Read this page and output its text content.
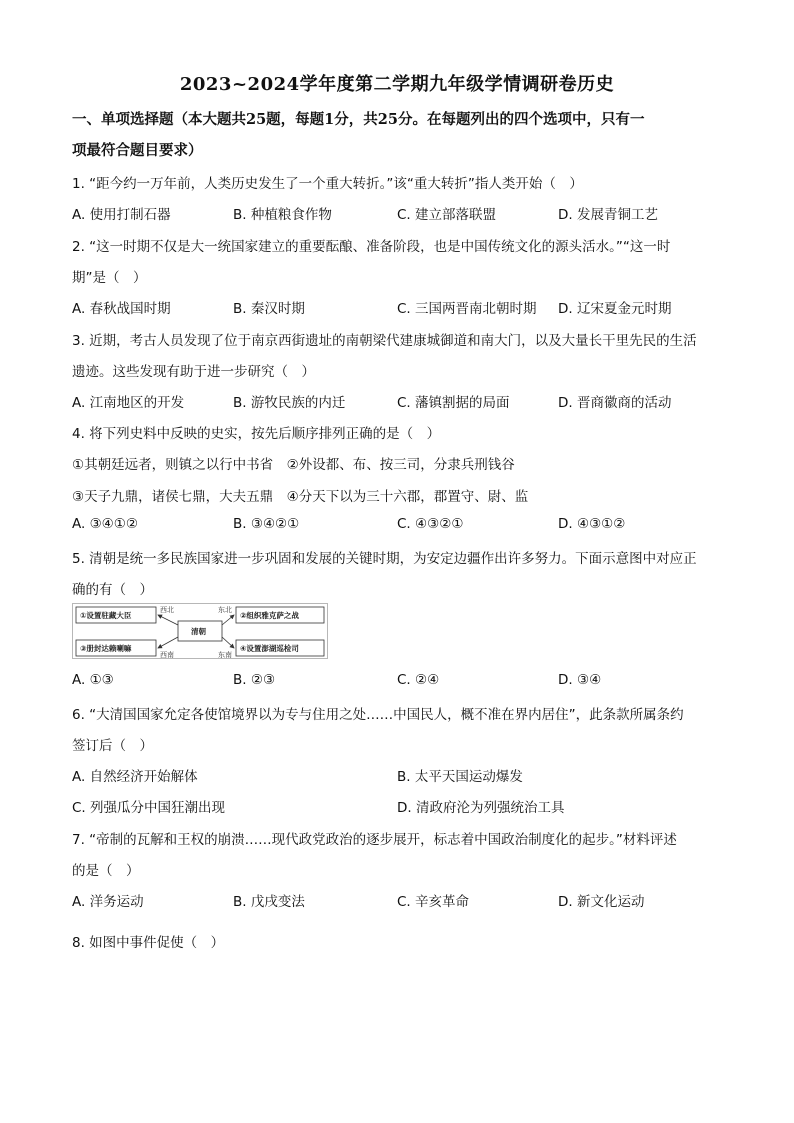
2023~2024学年度第二学期九年级学情调研卷历史
一、单项选择题（本大题共25题，每题1分，共25分。在每题列出的四个选项中，只有一
项最符合题目要求）
1. “距今约一万年前，人类历史发生了一个重大转折。”该“重大转折”指人类开始（　）
A. 使用打制石器	B. 种植粮食作物	C. 建立部落联盟	D. 发展青铜工艺
2. “这一时期不仅是大一统国家建立的重要酝酿、准备阶段，也是中国传统文化的源头活水。”“这一时
期”是（　）
A. 春秋战国时期	B. 秦汉时期	C. 三国两晋南北朝时期 D. 辽宋夏金元时期
3. 近期，考古人员发现了位于南京西街遗址的南朝梁代建康城御道和南大门，以及大量长干里先民的生活
遗迹。这些发现有助于进一步研究（　）
A. 江南地区的开发	B. 游牧民族的内迁	C. 藩镇割据的局面	D. 晋商徽商的活动
4. 将下列史料中反映的史实，按先后顺序排列正确的是（　）
①其朝廷远者，则镇之以行中书省　②外设都、布、按三司，分隶兵刑钱谷
③天子九鼎，诸侯七鼎，大夫五鼎　④分天下以为三十六郡，郡置守、尉、监
A. ③④①②	B. ③④②①	C. ④③②①	D. ④③①②
5. 清朝是统一多民族国家进一步巩固和发展的关键时期，为安定边疆作出许多努力。下面示意图中对应正
确的有（　）
①设置驻藏大臣	②组织雅克萨之战
③册封达赖喇嘛	④设置澎湖巡检司
清朝
西北	东北
西南	东南
A. ①③	B. ②③	C. ②④	D. ③④
6. “大清国国家允定各使馆境界以为专与住用之处……中国民人，概不准在界内居住”，此条款所属条约
签订后（　）
A. 自然经济开始解体	B. 太平天国运动爆发
C. 列强瓜分中国狂潮出现	D. 清政府沦为列强统治工具
7. “帝制的瓦解和王权的崩溃……现代政党政治的逐步展开，标志着中国政治制度化的起步。”材料评述
的是（　）
A. 洋务运动	B. 戊戌变法	C. 辛亥革命	D. 新文化运动
8. 如图中事件促使（　）
